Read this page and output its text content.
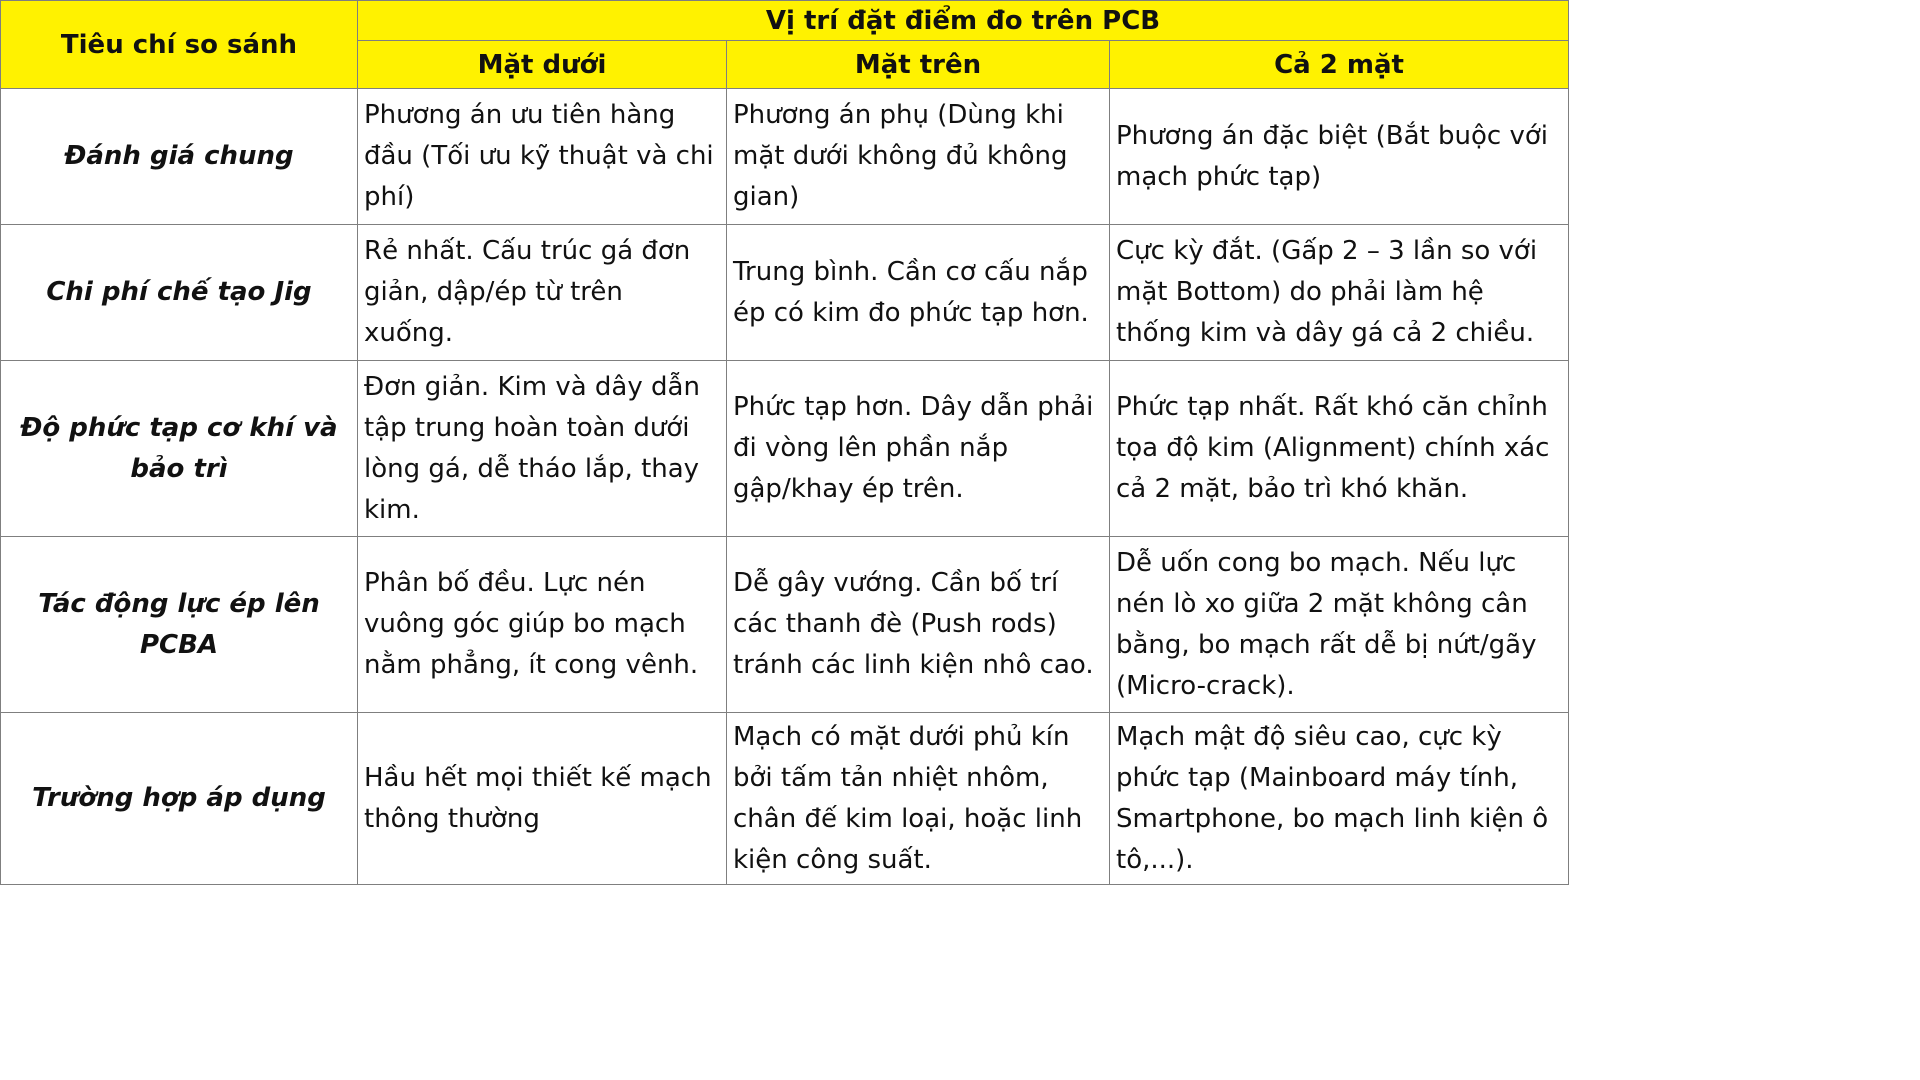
Tiêu chí so sánh	Vị trí đặt điểm đo trên PCB		
	Mặt dưới	Mặt trên	Cả 2 mặt
Đánh giá chung	Phương án ưu tiên hàng đầu (Tối ưu kỹ thuật và chi phí)	Phương án phụ (Dùng khi mặt dưới không đủ không gian)	Phương án đặc biệt (Bắt buộc với mạch phức tạp)
Chi phí chế tạo Jig	Rẻ nhất. Cấu trúc gá đơn giản, dập/ép từ trên xuống.	Trung bình. Cần cơ cấu nắp ép có kim đo phức tạp hơn.	Cực kỳ đắt. (Gấp 2 – 3 lần so với mặt Bottom) do phải làm hệ thống kim và dây gá cả 2 chiều.
Độ phức tạp cơ khí và bảo trì	Đơn giản. Kim và dây dẫn tập trung hoàn toàn dưới lòng gá, dễ tháo lắp, thay kim.	Phức tạp hơn. Dây dẫn phải đi vòng lên phần nắp gập/khay ép trên.	Phức tạp nhất. Rất khó căn chỉnh tọa độ kim (Alignment) chính xác cả 2 mặt, bảo trì khó khăn.
Tác động lực ép lên PCBA	Phân bố đều. Lực nén vuông góc giúp bo mạch nằm phẳng, ít cong vênh.	Dễ gây vướng. Cần bố trí các thanh đè (Push rods) tránh các linh kiện nhô cao.	Dễ uốn cong bo mạch. Nếu lực nén lò xo giữa 2 mặt không cân bằng, bo mạch rất dễ bị nứt/gãy (Micro-crack).
Trường hợp áp dụng	Hầu hết mọi thiết kế mạch thông thường	Mạch có mặt dưới phủ kín bởi tấm tản nhiệt nhôm, chân đế kim loại, hoặc linh kiện công suất.	Mạch mật độ siêu cao, cực kỳ phức tạp (Mainboard máy tính, Smartphone, bo mạch linh kiện ô tô,...).
